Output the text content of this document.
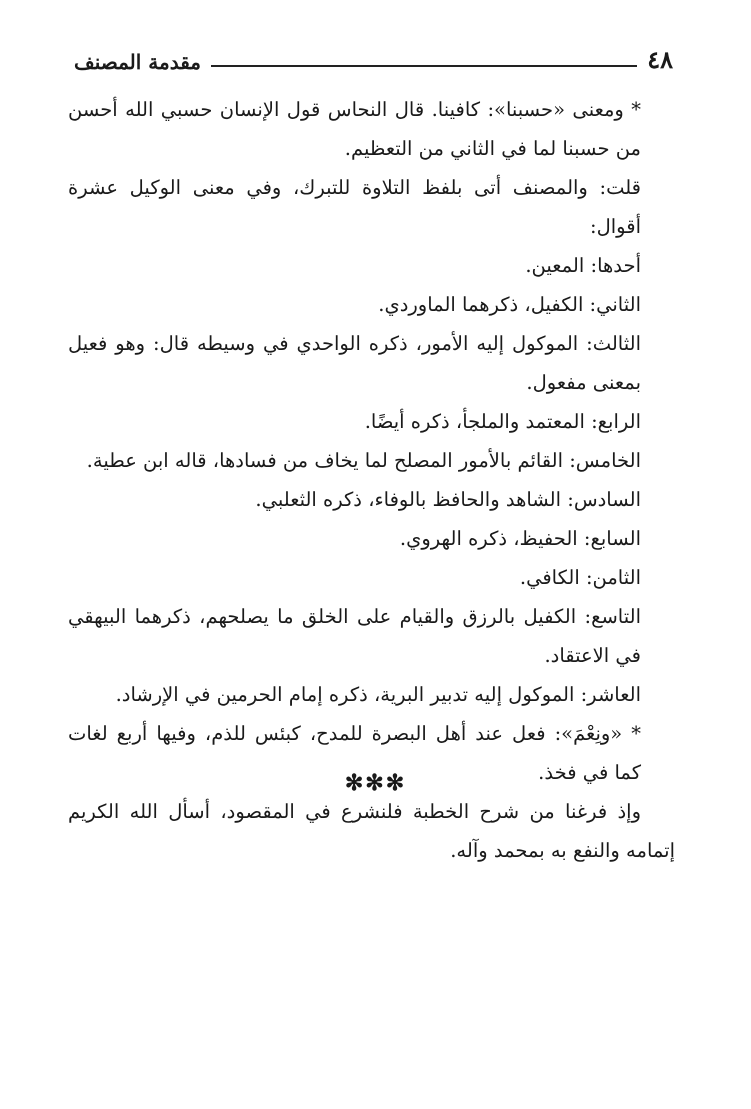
٤٨
مقدمة المصنف

* ومعنى «حسبنا»: كافينا. قال النحاس قول الإنسان حسبي الله أحسن من حسبنا لما في الثاني من التعظيم.

قلت: والمصنف أتى بلفظ التلاوة للتبرك، وفي معنى الوكيل عشرة أقوال:

أحدها: المعين.

الثاني: الكفيل، ذكرهما الماوردي.

الثالث: الموكول إليه الأمور، ذكره الواحدي في وسيطه قال: وهو فعيل بمعنى مفعول.

الرابع: المعتمد والملجأ، ذكره أيضًا.

الخامس: القائم بالأمور المصلح لما يخاف من فسادها، قاله ابن عطية.

السادس: الشاهد والحافظ بالوفاء، ذكره الثعلبي.

السابع: الحفيظ، ذكره الهروي.

الثامن: الكافي.

التاسع: الكفيل بالرزق والقيام على الخلق ما يصلحهم، ذكرهما البيهقي في الاعتقاد.

العاشر: الموكول إليه تدبير البرية، ذكره إمام الحرمين في الإرشاد.

* «ونِعْمَ»: فعل عند أهل البصرة للمدح، كبئس للذم، وفيها أربع لغات كما في فخذ.

وإذ فرغنا من شرح الخطبة فلنشرع في المقصود، أسأل الله الكريم إتمامه والنفع به بمحمد وآله.

✻✻✻
